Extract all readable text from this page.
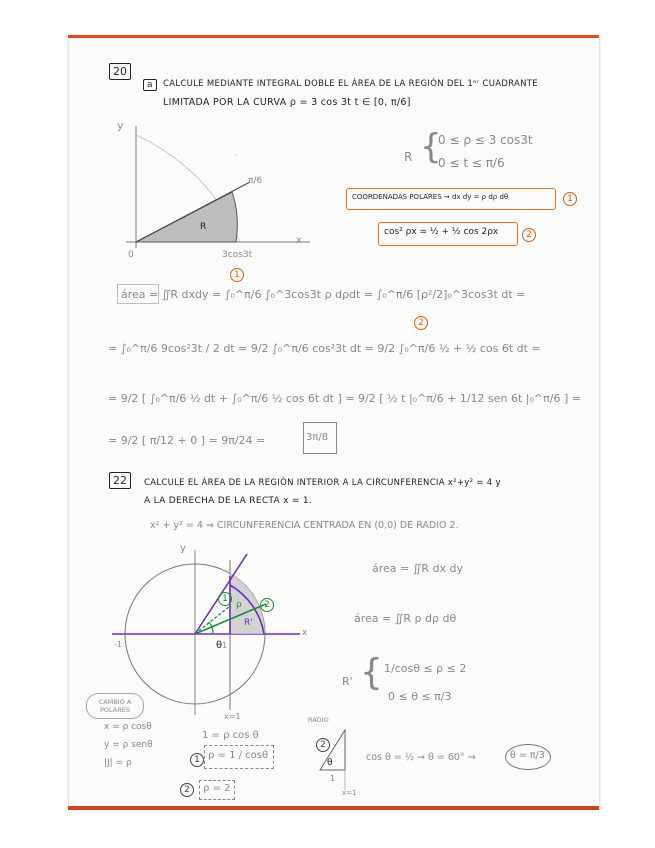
20
a	CALCULE MEDIANTE INTEGRAL DOBLE EL ÁREA DE LA REGIÓN DEL 1ᵉʳ CUADRANTE
LIMITADA POR LA CURVA ρ = 3 cos 3t t ∈ [0, π/6]
·
y
x
0
π/6
R
3cos3t
R {
0 ≤ ρ ≤ 3 cos3t
0 ≤ t ≤ π/6
COORDENADAS POLARES ⇝ dx dy = ρ dρ dθ	1
cos² ρx = ½ + ½ cos 2ρx	2
1
área = ∬R dxdy = ∫₀^π/6 ∫₀^3cos3t ρ dρdt = ∫₀^π/6 [ρ²/2]₀^3cos3t dt =
2
= ∫₀^π/6 9cos²3t / 2 dt = 9/2 ∫₀^π/6 cos²3t dt = 9/2 ∫₀^π/6 ½ + ½ cos 6t dt =
= 9/2 [ ∫₀^π/6 ½ dt + ∫₀^π/6 ½ cos 6t dt ] = 9/2 [ ½ t |₀^π/6 + 1/12 sen 6t |₀^π/6 ] =
= 9/2 [ π/12 + 0 ] = 9π/24 =	3π/8
22	CALCULE EL ÁREA DE LA REGIÓN INTERIOR A LA CIRCUNFERENCIA x²+y² = 4 y
A LA DERECHA DE LA RECTA x = 1.
x² + y² = 4 ⇝ CIRCUNFERENCIA CENTRADA EN (0,0) DE RADIO 2.
y
x
-1	1
θ
x=1
R'
ρ
1
2
área = ∬R dx dy
área = ∬R ρ dρ dθ
R' { 1/cosθ ≤ ρ ≤ 2
0 ≤ θ ≤ π/3
CAMBIO A POLARES
x = ρ cosθ
y = ρ senθ
|J| = ρ
1 = ρ cos θ
1 ρ = 1 / cosθ
2	ρ = 2
RADIO
2
θ
1
x=1
cos θ = ½ ⇝ θ = 60° ⇝	θ = π/3
